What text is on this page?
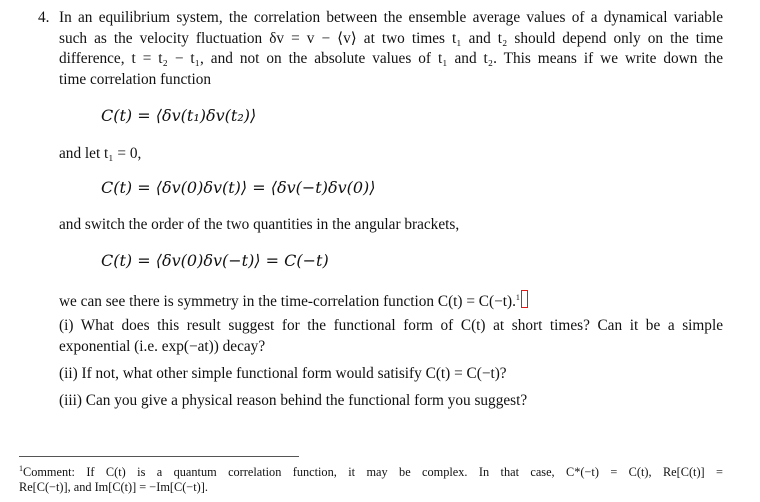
4. In an equilibrium system, the correlation between the ensemble average values of a dynamical variable
such as the velocity fluctuation δv = v − ⟨v⟩ at two times t₁ and t₂ should depend only on the time
difference, t = t₂ − t₁, and not on the absolute values of t₁ and t₂. This means if we write down the
time correlation function
C(t) = ⟨δv(t₁)δv(t₂)⟩
and let t₁ = 0,
C(t) = ⟨δv(0)δv(t)⟩ = ⟨δv(−t)δv(0)⟩
and switch the order of the two quantities in the angular brackets,
C(t) = ⟨δv(0)δv(−t)⟩ = C(−t)
we can see there is symmetry in the time-correlation function C(t) = C(−t).$^1$
(i) What does this result suggest for the functional form of C(t) at short times? Can it be a simple
exponential (i.e. exp(−at)) decay?
(ii) If not, what other simple functional form would satisify C(t) = C(−t)?
(iii) Can you give a physical reason behind the functional form you suggest?
$^1$Comment: If C(t) is a quantum correlation function, it may be complex. In that case, C*(−t) = C(t), Re[C(t)] =
Re[C(−t)], and Im[C(t)] = −Im[C(−t)].
